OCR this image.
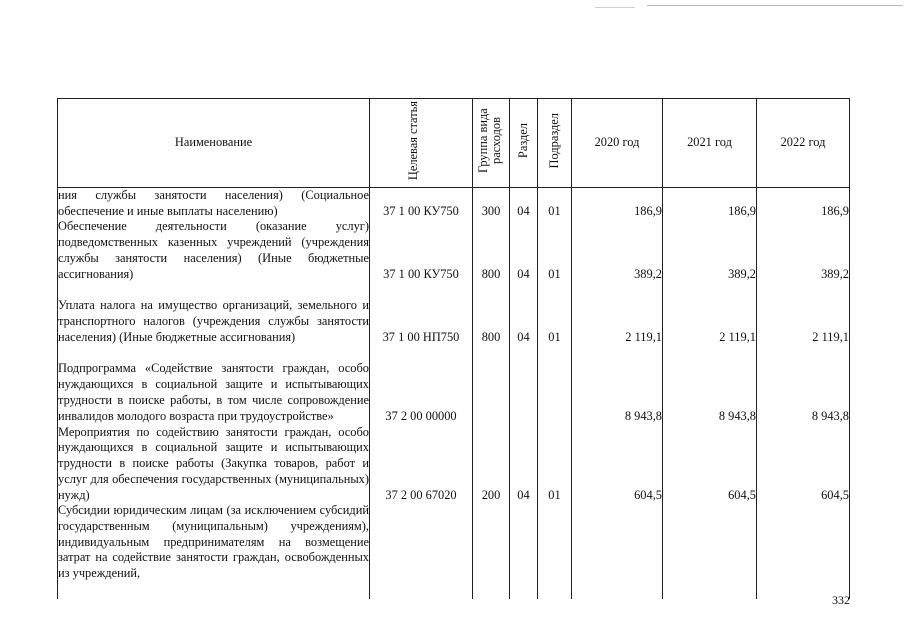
Наименование	Целевая статья	Группа вида расходов	Раздел	Подраздел	2020 год	2021 год	2022 год
ния службы занятости населения) (Социальное обеспечение и иные выплаты населению)	37 1 00 КУ750	300	04	01	186,9	186,9	186,9
Обеспечение деятельности (оказание услуг) подведомственных казенных учреждений (учреждения службы занятости населения) (Иные бюджетные ассигнования)	37 1 00 КУ750	800	04	01	389,2	389,2	389,2
Уплата налога на имущество организаций, земельного и транспортного налогов (учреждения службы занятости населения) (Иные бюджетные ассигнования)	37 1 00 НП750	800	04	01	2 119,1	2 119,1	2 119,1
Подпрограмма «Содействие занятости граждан, особо нуждающихся в социальной защите и испытывающих трудности в поиске работы, в том числе сопровождение инвалидов молодого возраста при трудоустройстве»	37 2 00 00000				8 943,8	8 943,8	8 943,8
Мероприятия по содействию занятости граждан, особо нуждающихся в социальной защите и испытывающих трудности в поиске работы (Закупка товаров, работ и услуг для обеспечения государственных (муниципальных) нужд)	37 2 00 67020	200	04	01	604,5	604,5	604,5
Субсидии юридическим лицам (за исключением субсидий государственным (муниципальным) учреждениям), индивидуальным предпринимателям на возмещение затрат на содействие занятости граждан, освобожденных из учреждений,							
332
